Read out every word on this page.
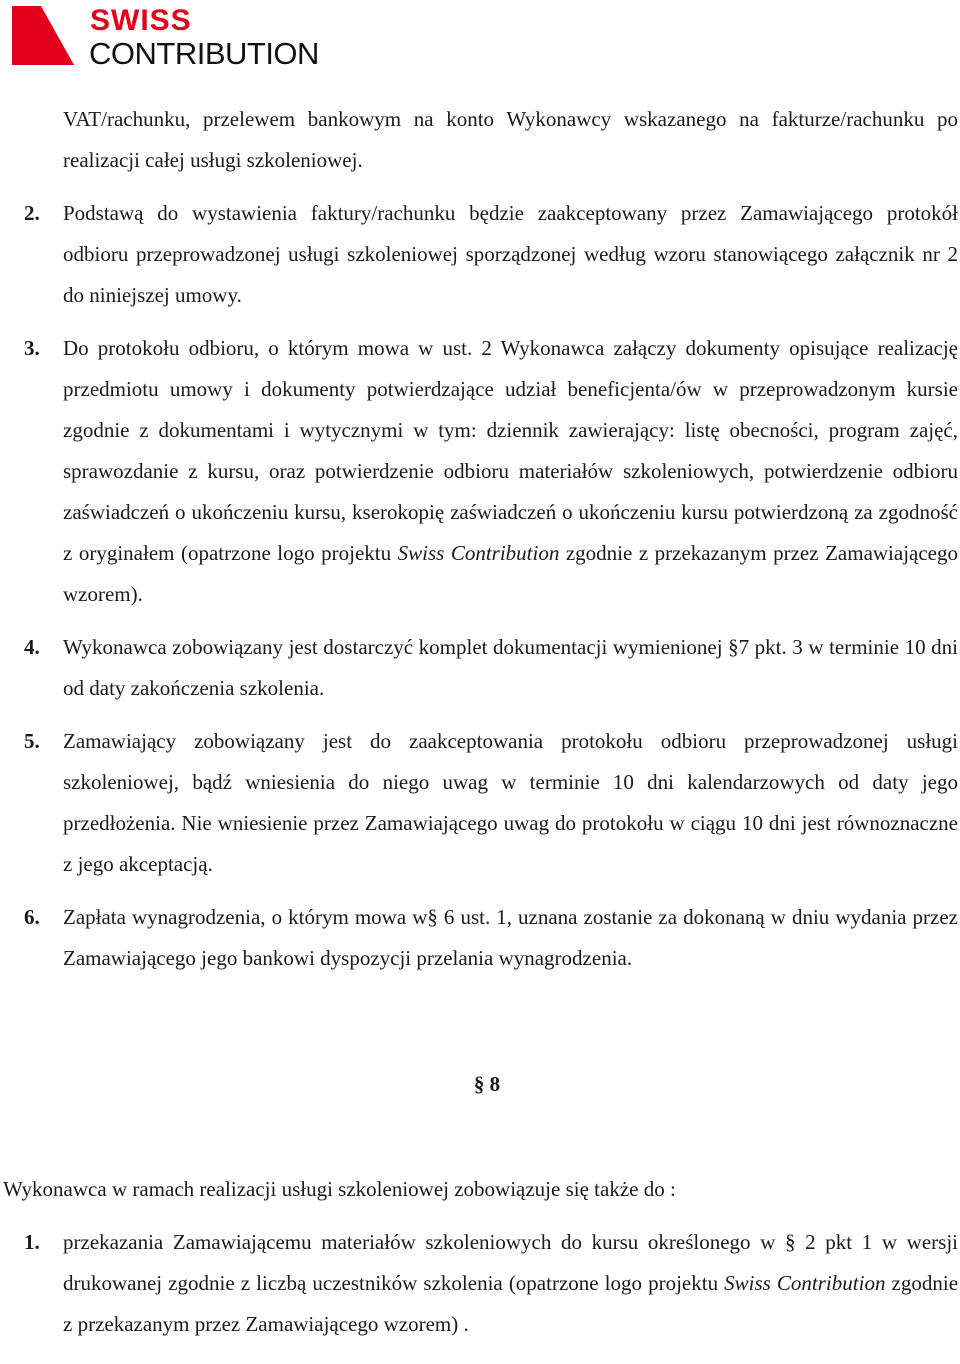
SWISS
CONTRIBUTION
VAT/rachunku, przelewem bankowym na konto Wykonawcy wskazanego na fakturze/rachunku po realizacji całej usługi szkoleniowej.
2. Podstawą do wystawienia faktury/rachunku będzie zaakceptowany przez Zamawiającego protokół odbioru przeprowadzonej usługi szkoleniowej sporządzonej według wzoru stanowiącego załącznik nr 2 do niniejszej umowy.
3. Do protokołu odbioru, o którym mowa w ust. 2 Wykonawca załączy dokumenty opisujące realizację przedmiotu umowy i dokumenty potwierdzające udział beneficjenta/ów w przeprowadzonym kursie zgodnie z dokumentami i wytycznymi w tym: dziennik zawierający: listę obecności, program zajęć, sprawozdanie z kursu, oraz potwierdzenie odbioru materiałów szkoleniowych, potwierdzenie odbioru zaświadczeń o ukończeniu kursu, kserokopię zaświadczeń o ukończeniu kursu potwierdzoną za zgodność z oryginałem (opatrzone logo projektu Swiss Contribution zgodnie z przekazanym przez Zamawiającego wzorem).
4. Wykonawca zobowiązany jest dostarczyć komplet dokumentacji wymienionej §7 pkt. 3 w terminie 10 dni od daty zakończenia szkolenia.
5. Zamawiający zobowiązany jest do zaakceptowania protokołu odbioru przeprowadzonej usługi szkoleniowej, bądź wniesienia do niego uwag w terminie 10 dni kalendarzowych od daty jego przedłożenia. Nie wniesienie przez Zamawiającego uwag do protokołu w ciągu 10 dni jest równoznaczne z jego akceptacją.
6. Zapłata wynagrodzenia, o którym mowa w§ 6 ust. 1, uznana zostanie za dokonaną w dniu wydania przez Zamawiającego jego bankowi dyspozycji przelania wynagrodzenia.
§ 8
Wykonawca w ramach realizacji usługi szkoleniowej zobowiązuje się także do :
1. przekazania Zamawiającemu materiałów szkoleniowych do kursu określonego w § 2 pkt 1 w wersji drukowanej zgodnie z liczbą uczestników szkolenia (opatrzone logo projektu Swiss Contribution zgodnie z przekazanym przez Zamawiającego wzorem) .
